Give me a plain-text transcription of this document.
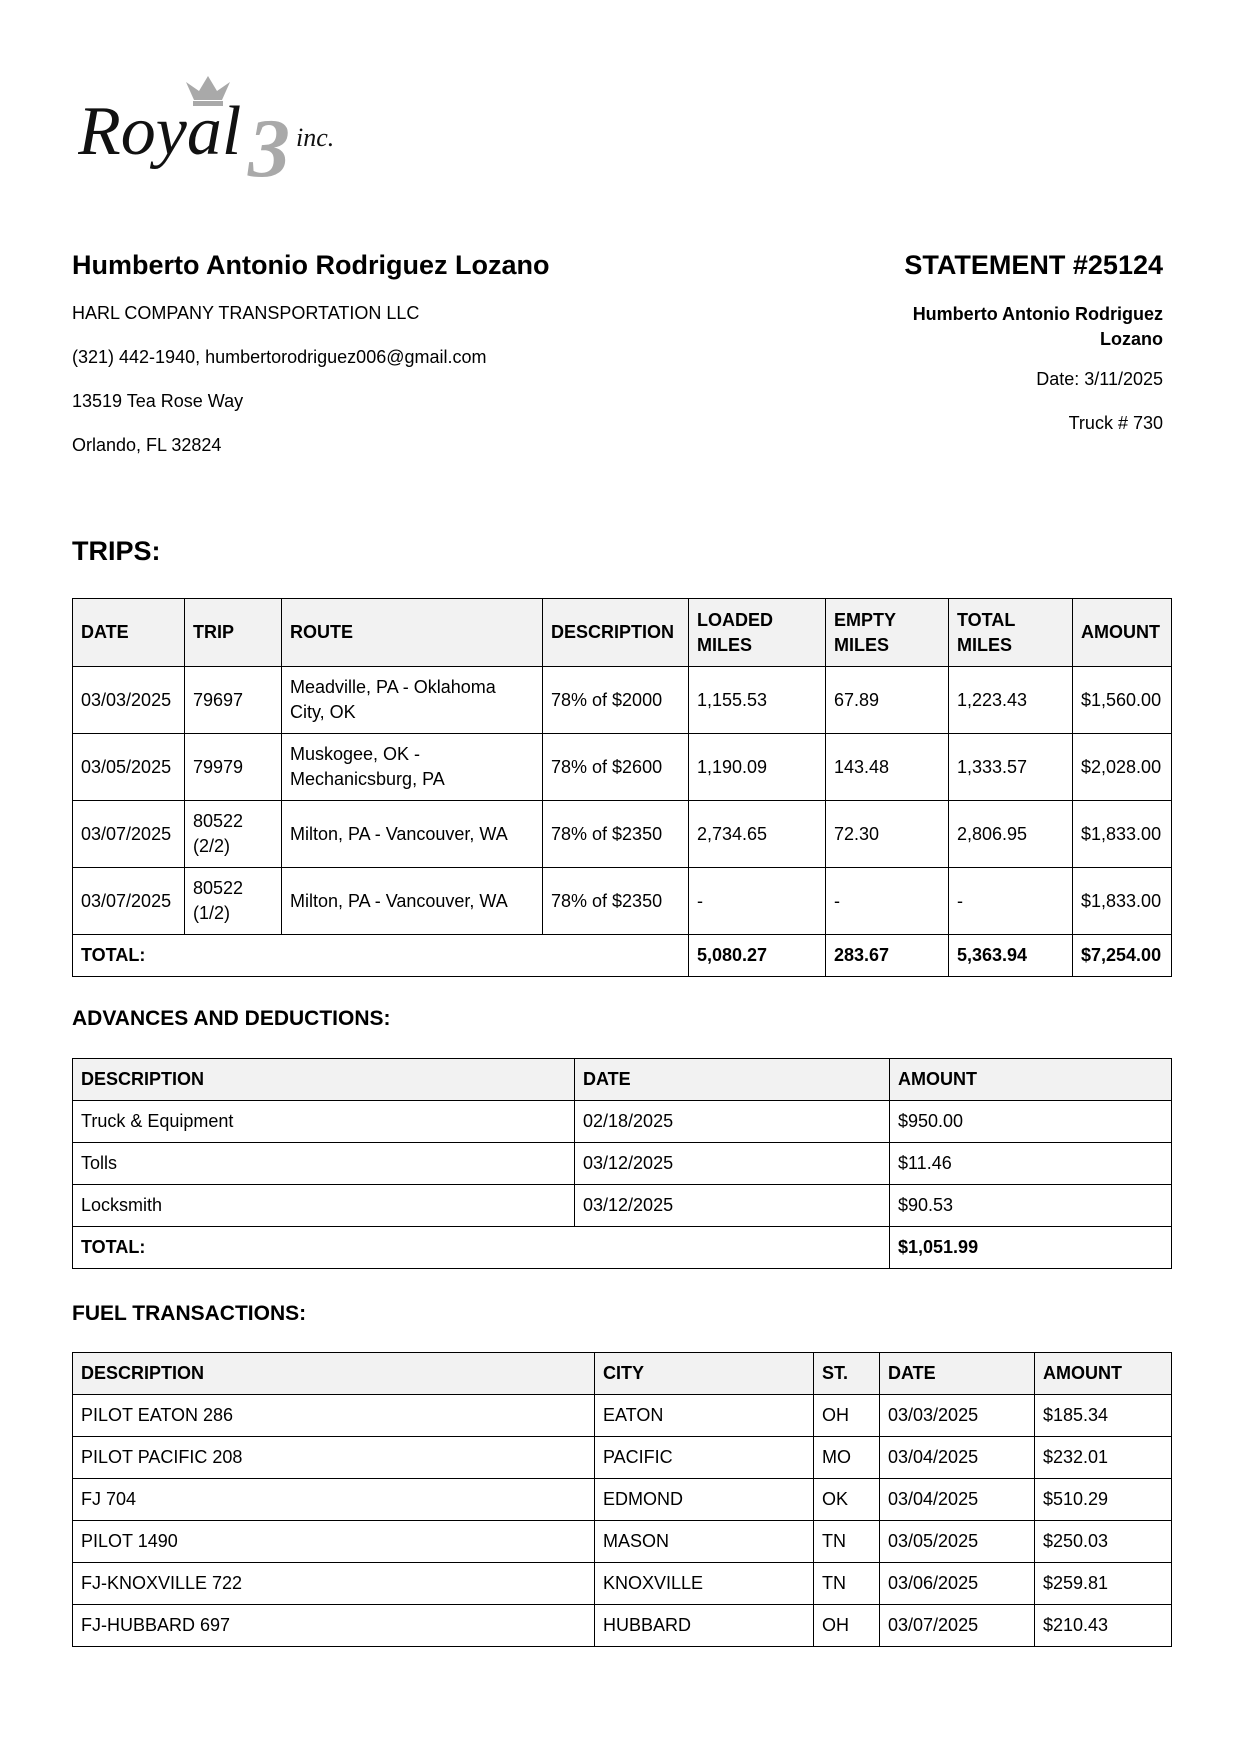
3
Royal inc.
Humberto Antonio Rodriguez Lozano
HARL COMPANY TRANSPORTATION LLC
(321) 442-1940, humbertorodriguez006@gmail.com
13519 Tea Rose Way
Orlando, FL 32824
STATEMENT #25124
Humberto Antonio Rodriguez Lozano
Date: 3/11/2025
Truck # 730
TRIPS:
DATE	TRIP	ROUTE	DESCRIPTION	LOADED MILES	EMPTY MILES	TOTAL MILES	AMOUNT
03/03/2025	79697	Meadville, PA - Oklahoma City, OK	78% of $2000	1,155.53	67.89	1,223.43	$1,560.00
03/05/2025	79979	Muskogee, OK - Mechanicsburg, PA	78% of $2600	1,190.09	143.48	1,333.57	$2,028.00
03/07/2025	80522 (2/2)	Milton, PA - Vancouver, WA	78% of $2350	2,734.65	72.30	2,806.95	$1,833.00
03/07/2025	80522 (1/2)	Milton, PA - Vancouver, WA	78% of $2350	-	-	-	$1,833.00
TOTAL:				5,080.27	283.67	5,363.94	$7,254.00
ADVANCES AND DEDUCTIONS:
DESCRIPTION	DATE	AMOUNT
Truck & Equipment	02/18/2025	$950.00
Tolls	03/12/2025	$11.46
Locksmith	03/12/2025	$90.53
TOTAL:		$1,051.99
FUEL TRANSACTIONS:
DESCRIPTION	CITY	ST.	DATE	AMOUNT
PILOT EATON 286	EATON	OH	03/03/2025	$185.34
PILOT PACIFIC 208	PACIFIC	MO	03/04/2025	$232.01
FJ 704	EDMOND	OK	03/04/2025	$510.29
PILOT 1490	MASON	TN	03/05/2025	$250.03
FJ-KNOXVILLE 722	KNOXVILLE	TN	03/06/2025	$259.81
FJ-HUBBARD 697	HUBBARD	OH	03/07/2025	$210.43
